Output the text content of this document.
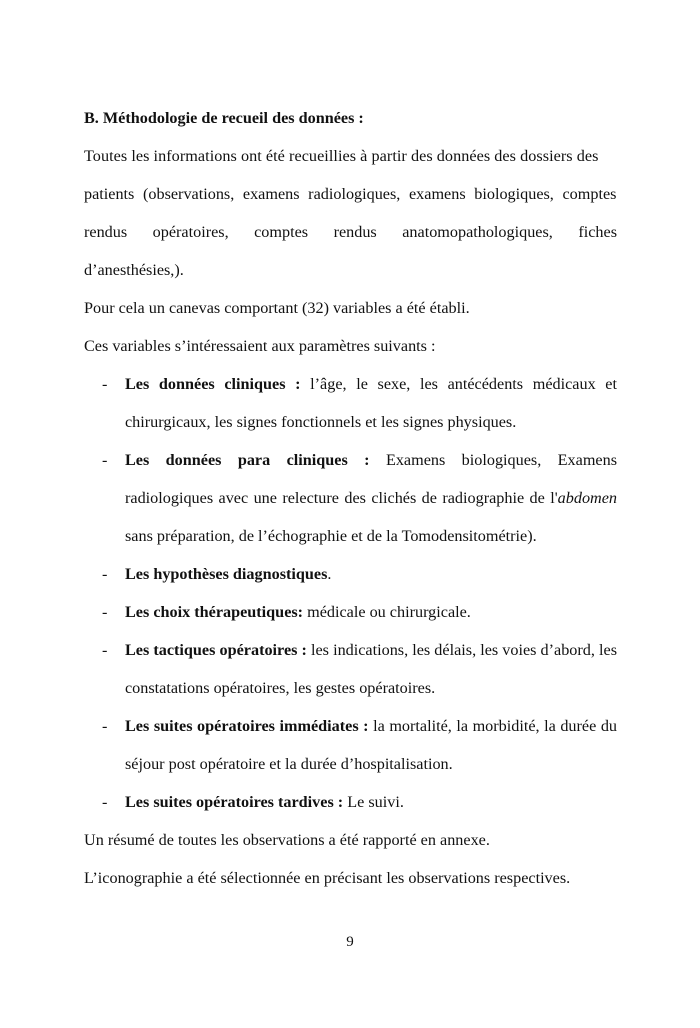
B. Méthodologie de recueil des données :
Toutes les informations ont été recueillies à partir des données des dossiers des
patients (observations, examens radiologiques, examens biologiques, comptes
rendus opératoires, comptes rendus anatomopathologiques, fiches
d’anesthésies,).
Pour cela un canevas comportant (32) variables a été établi.
Ces variables s’intéressaient aux paramètres suivants :
- Les données cliniques : l’âge, le sexe, les antécédents médicaux et chirurgicaux, les signes fonctionnels et les signes physiques.
- Les données para cliniques : Examens biologiques, Examens radiologiques avec une relecture des clichés de radiographie de l'abdomen sans préparation, de l’échographie et de la Tomodensitométrie).
- Les hypothèses diagnostiques.
- Les choix thérapeutiques: médicale ou chirurgicale.
- Les tactiques opératoires : les indications, les délais, les voies d’abord, les constatations opératoires, les gestes opératoires.
- Les suites opératoires immédiates : la mortalité, la morbidité, la durée du séjour post opératoire et la durée d’hospitalisation.
- Les suites opératoires tardives : Le suivi.
Un résumé de toutes les observations a été rapporté en annexe.
L’iconographie a été sélectionnée en précisant les observations respectives.
9
